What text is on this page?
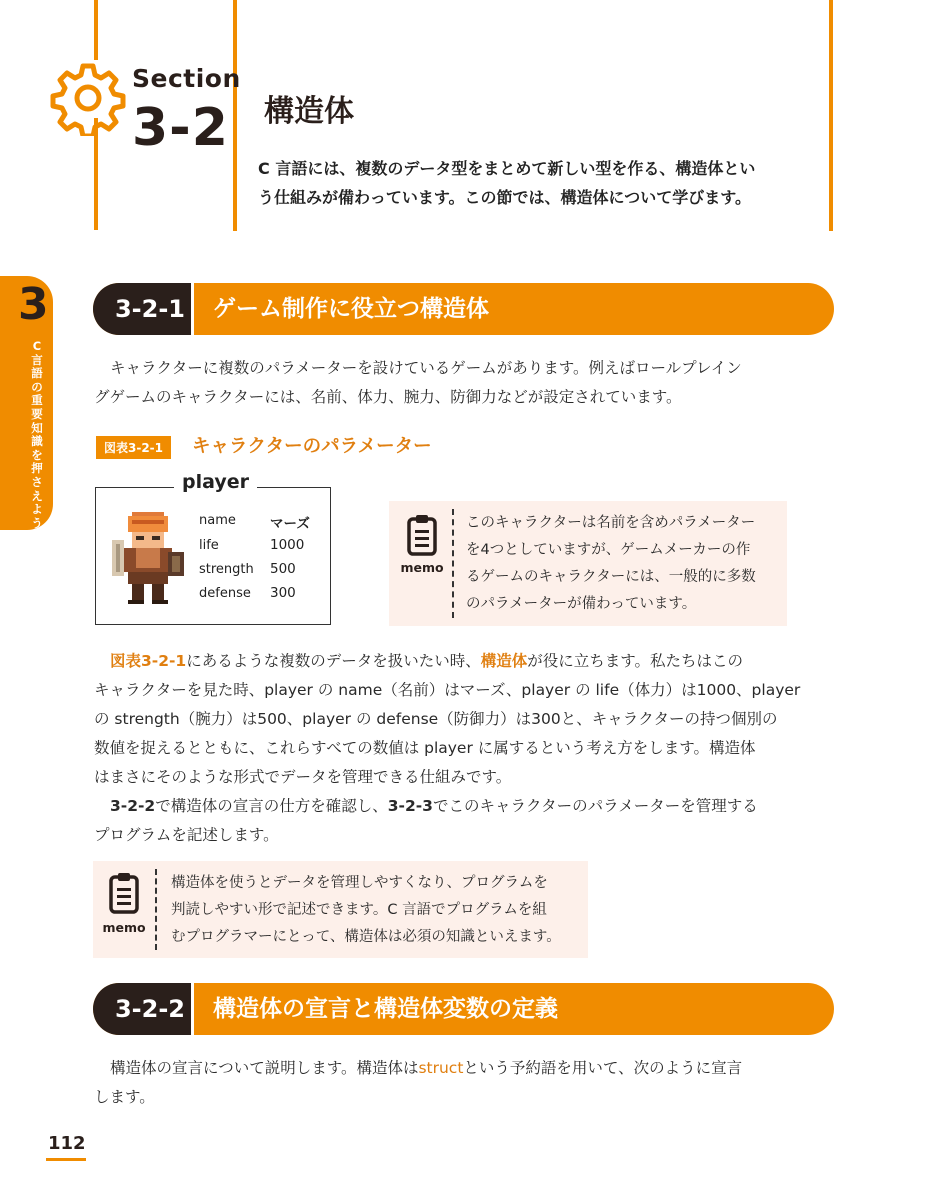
Section
3-2 構造体
C 言語には、複数のデータ型をまとめて新しい型を作る、構造体とい
う仕組みが備わっています。この節では、構造体について学びます。
3
C言語の重要知識を押さえよう
3-2-1 ゲーム制作に役立つ構造体
キャラクターに複数のパラメーターを設けているゲームがあります。例えばロールプレイン
グゲームのキャラクターには、名前、体力、腕力、防御力などが設定されています。
図表3-2-1	キャラクターのパラメーター
player
name	マーズ
life	1000
strength 500
defense 300
memo
このキャラクターは名前を含めパラメーター
を4つとしていますが、ゲームメーカーの作
るゲームのキャラクターには、一般的に多数
のパラメーターが備わっています。
図表3-2-1にあるような複数のデータを扱いたい時、構造体が役に立ちます。私たちはこの
キャラクターを見た時、player の name（名前）はマーズ、player の life（体力）は1000、player
の strength（腕力）は500、player の defense（防御力）は300と、キャラクターの持つ個別の
数値を捉えるとともに、これらすべての数値は player に属するという考え方をします。構造体
はまさにそのような形式でデータを管理できる仕組みです。
3-2-2で構造体の宣言の仕方を確認し、3-2-3でこのキャラクターのパラメーターを管理する
プログラムを記述します。
memo
構造体を使うとデータを管理しやすくなり、プログラムを
判読しやすい形で記述できます。C 言語でプログラムを組
むプログラマーにとって、構造体は必須の知識といえます。
3-2-2 構造体の宣言と構造体変数の定義
構造体の宣言について説明します。構造体はstructという予約語を用いて、次のように宣言
します。
112
